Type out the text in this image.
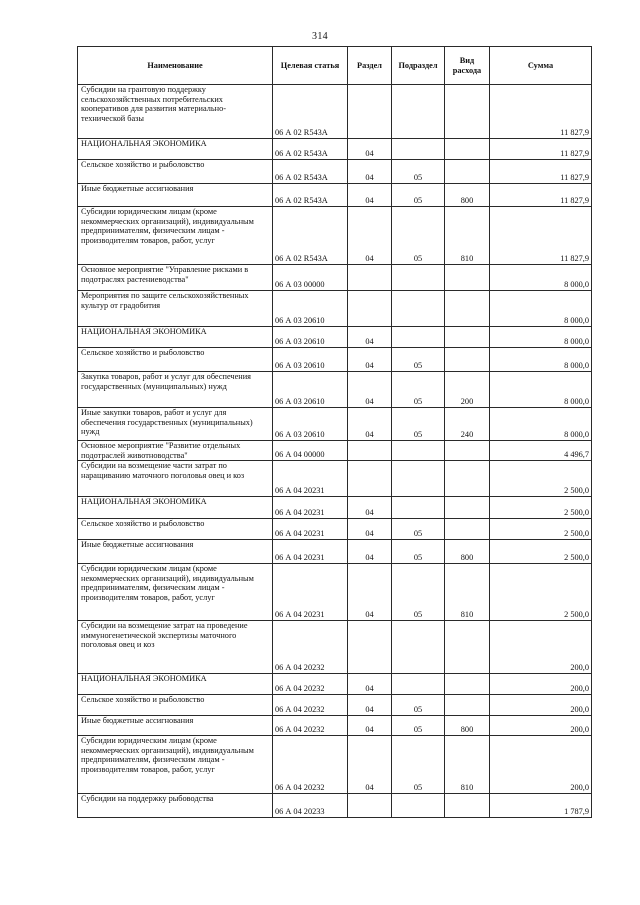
314
Наименование	Целевая статья	Раздел	Подраздел	Вид расхода	Сумма
Субсидии на грантовую поддержку сельскохозяйственных потребительских кооперативов для развития материально-технической базы	06 А 02 R543А				11 827,9
НАЦИОНАЛЬНАЯ ЭКОНОМИКА	06 А 02 R543А	04			11 827,9
Сельское хозяйство и рыболовство	06 А 02 R543А	04	05		11 827,9
Иные бюджетные ассигнования	06 А 02 R543А	04	05	800	11 827,9
Субсидии юридическим лицам (кроме некоммерческих организаций), индивидуальным предпринимателям, физическим лицам - производителям товаров, работ, услуг	06 А 02 R543А	04	05	810	11 827,9
Основное мероприятие "Управление рисками в подотраслях растениеводства"	06 А 03 00000				8 000,0
Мероприятия по защите сельскохозяйственных культур от градобития	06 А 03 20610				8 000,0
НАЦИОНАЛЬНАЯ ЭКОНОМИКА	06 А 03 20610	04			8 000,0
Сельское хозяйство и рыболовство	06 А 03 20610	04	05		8 000,0
Закупка товаров, работ и услуг для обеспечения государственных (муниципальных) нужд	06 А 03 20610	04	05	200	8 000,0
Иные закупки товаров, работ и услуг для обеспечения государственных (муниципальных) нужд	06 А 03 20610	04	05	240	8 000,0
Основное мероприятие "Развитие отдельных подотраслей животноводства"	06 А 04 00000				4 496,7
Субсидии на возмещение части затрат по наращиванию маточного поголовья овец и коз	06 А 04 20231				2 500,0
НАЦИОНАЛЬНАЯ ЭКОНОМИКА	06 А 04 20231	04			2 500,0
Сельское хозяйство и рыболовство	06 А 04 20231	04	05		2 500,0
Иные бюджетные ассигнования	06 А 04 20231	04	05	800	2 500,0
Субсидии юридическим лицам (кроме некоммерческих организаций), индивидуальным предпринимателям, физическим лицам - производителям товаров, работ, услуг	06 А 04 20231	04	05	810	2 500,0
Субсидии на возмещение затрат на проведение иммуногенетической экспертизы маточного поголовья овец и коз	06 А 04 20232				200,0
НАЦИОНАЛЬНАЯ ЭКОНОМИКА	06 А 04 20232	04			200,0
Сельское хозяйство и рыболовство	06 А 04 20232	04	05		200,0
Иные бюджетные ассигнования	06 А 04 20232	04	05	800	200,0
Субсидии юридическим лицам (кроме некоммерческих организаций), индивидуальным предпринимателям, физическим лицам - производителям товаров, работ, услуг	06 А 04 20232	04	05	810	200,0
Субсидии на поддержку рыбоводства	06 А 04 20233				1 787,9
